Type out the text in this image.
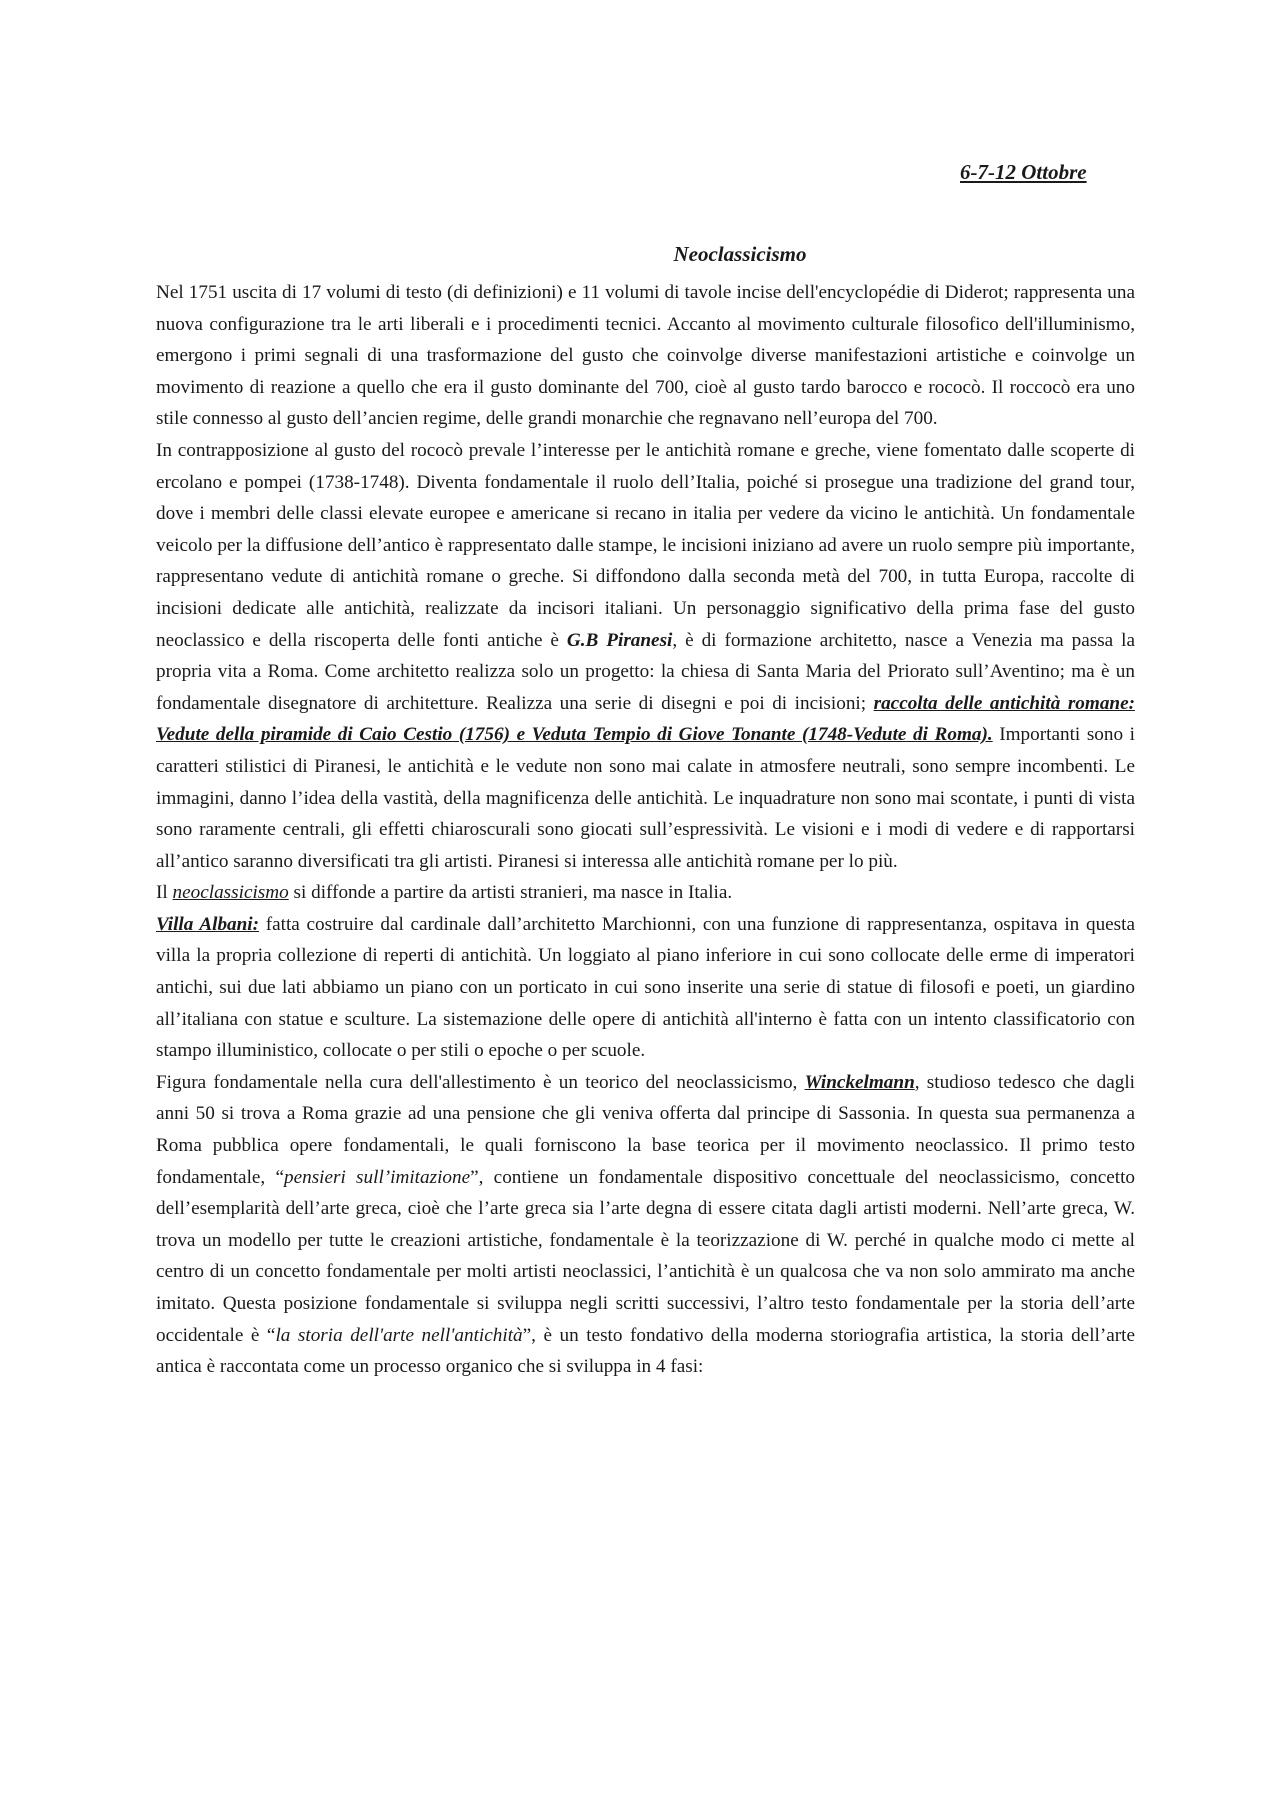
6-7-12 Ottobre
Neoclassicismo

Nel 1751 uscita di 17 volumi di testo (di definizioni) e 11 volumi di tavole incise dell'encyclopédie di Diderot; rappresenta una nuova configurazione tra le arti liberali e i procedimenti tecnici. Accanto al movimento culturale filosofico dell'illuminismo, emergono i primi segnali di una trasformazione del gusto che coinvolge diverse manifestazioni artistiche e coinvolge un movimento di reazione a quello che era il gusto dominante del 700, cioè al gusto tardo barocco e rococò. Il roccocò era uno stile connesso al gusto dell’ancien regime, delle grandi monarchie che regnavano nell’europa del 700.

In contrapposizione al gusto del rococò prevale l’interesse per le antichità romane e greche, viene fomentato dalle scoperte di ercolano e pompei (1738-1748). Diventa fondamentale il ruolo dell’Italia, poiché si prosegue una tradizione del grand tour, dove i membri delle classi elevate europee e americane si recano in italia per vedere da vicino le antichità. Un fondamentale veicolo per la diffusione dell’antico è rappresentato dalle stampe, le incisioni iniziano ad avere un ruolo sempre più importante, rappresentano vedute di antichità romane o greche. Si diffondono dalla seconda metà del 700, in tutta Europa, raccolte di incisioni dedicate alle antichità, realizzate da incisori italiani. Un personaggio significativo della prima fase del gusto neoclassico e della riscoperta delle fonti antiche è G.B Piranesi, è di formazione architetto, nasce a Venezia ma passa la propria vita a Roma. Come architetto realizza solo un progetto: la chiesa di Santa Maria del Priorato sull’Aventino; ma è un fondamentale disegnatore di architetture. Realizza una serie di disegni e poi di incisioni; raccolta delle antichità romane: Vedute della piramide di Caio Cestio (1756) e Veduta Tempio di Giove Tonante (1748-Vedute di Roma). Importanti sono i caratteri stilistici di Piranesi, le antichità e le vedute non sono mai calate in atmosfere neutrali, sono sempre incombenti. Le immagini, danno l’idea della vastità, della magnificenza delle antichità. Le inquadrature non sono mai scontate, i punti di vista sono raramente centrali, gli effetti chiaroscurali sono giocati sull’espressività. Le visioni e i modi di vedere e di rapportarsi all’antico saranno diversificati tra gli artisti. Piranesi si interessa alle antichità romane per lo più.

Il neoclassicismo si diffonde a partire da artisti stranieri, ma nasce in Italia.

Villa Albani: fatta costruire dal cardinale dall’architetto Marchionni, con una funzione di rappresentanza, ospitava in questa villa la propria collezione di reperti di antichità. Un loggiato al piano inferiore in cui sono collocate delle erme di imperatori antichi, sui due lati abbiamo un piano con un porticato in cui sono inserite una serie di statue di filosofi e poeti, un giardino all’italiana con statue e sculture. La sistemazione delle opere di antichità all'interno è fatta con un intento classificatorio con stampo illuministico, collocate o per stili o epoche o per scuole.

Figura fondamentale nella cura dell'allestimento è un teorico del neoclassicismo, Winckelmann, studioso tedesco che dagli anni 50 si trova a Roma grazie ad una pensione che gli veniva offerta dal principe di Sassonia. In questa sua permanenza a Roma pubblica opere fondamentali, le quali forniscono la base teorica per il movimento neoclassico. Il primo testo fondamentale, “pensieri sull’imitazione”, contiene un fondamentale dispositivo concettuale del neoclassicismo, concetto dell’esemplarità dell’arte greca, cioè che l’arte greca sia l’arte degna di essere citata dagli artisti moderni. Nell’arte greca, W. trova un modello per tutte le creazioni artistiche, fondamentale è la teorizzazione di W. perché in qualche modo ci mette al centro di un concetto fondamentale per molti artisti neoclassici, l’antichità è un qualcosa che va non solo ammirato ma anche imitato. Questa posizione fondamentale si sviluppa negli scritti successivi, l’altro testo fondamentale per la storia dell’arte occidentale è “la storia dell'arte nell'antichità”, è un testo fondativo della moderna storiografia artistica, la storia dell’arte antica è raccontata come un processo organico che si sviluppa in 4 fasi:
